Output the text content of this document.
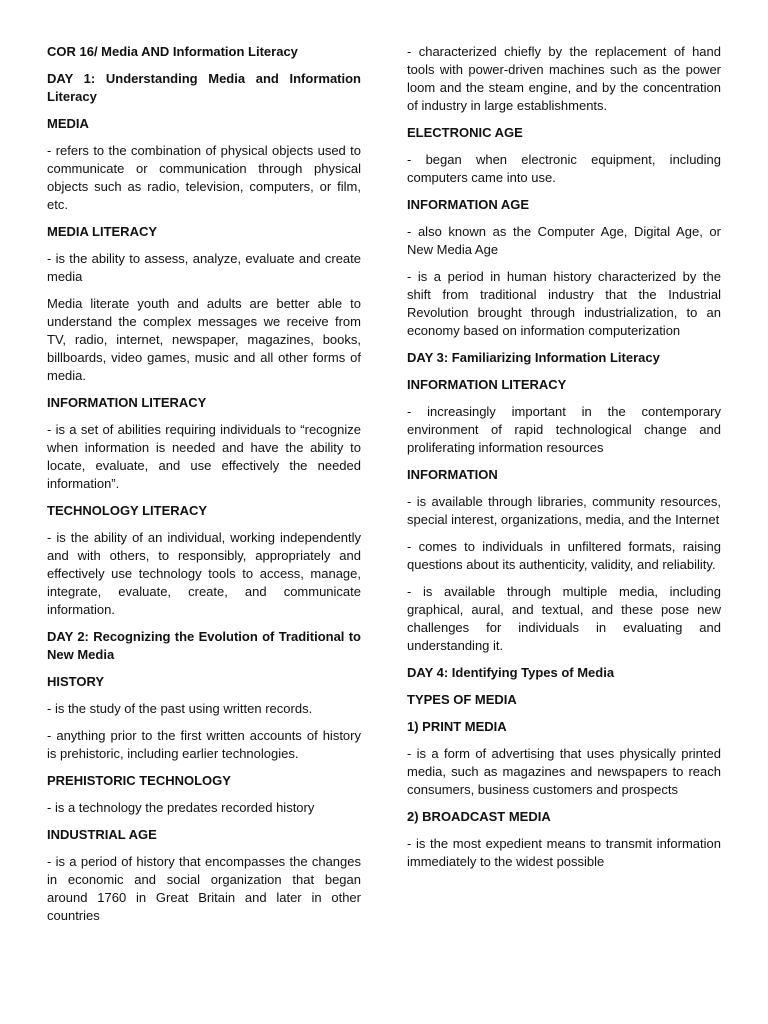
COR 16/ Media AND Information Literacy

DAY 1: Understanding Media and Information Literacy

MEDIA

- refers to the combination of physical objects used to communicate or communication through physical objects such as radio, television, computers, or film, etc.

MEDIA LITERACY

- is the ability to assess, analyze, evaluate and create media

Media literate youth and adults are better able to understand the complex messages we receive from TV, radio, internet, newspaper, magazines, books, billboards, video games, music and all other forms of media.

INFORMATION LITERACY

- is a set of abilities requiring individuals to “recognize when information is needed and have the ability to locate, evaluate, and use effectively the needed information”.

TECHNOLOGY LITERACY

- is the ability of an individual, working independently and with others, to responsibly, appropriately and effectively use technology tools to access, manage, integrate, evaluate, create, and communicate information.

DAY 2: Recognizing the Evolution of Traditional to New Media

HISTORY

- is the study of the past using written records.

- anything prior to the first written accounts of history is prehistoric, including earlier technologies.

PREHISTORIC TECHNOLOGY

- is a technology the predates recorded history

INDUSTRIAL AGE

- is a period of history that encompasses the changes in economic and social organization that began around 1760 in Great Britain and later in other countries

- characterized chiefly by the replacement of hand tools with power-driven machines such as the power loom and the steam engine, and by the concentration of industry in large establishments.

ELECTRONIC AGE

- began when electronic equipment, including computers came into use.

INFORMATION AGE

- also known as the Computer Age, Digital Age, or New Media Age

- is a period in human history characterized by the shift from traditional industry that the Industrial Revolution brought through industrialization, to an economy based on information computerization

DAY 3: Familiarizing Information Literacy

INFORMATION LITERACY

- increasingly important in the contemporary environment of rapid technological change and proliferating information resources

INFORMATION

- is available through libraries, community resources, special interest, organizations, media, and the Internet

- comes to individuals in unfiltered formats, raising questions about its authenticity, validity, and reliability.

- is available through multiple media, including graphical, aural, and textual, and these pose new challenges for individuals in evaluating and understanding it.

DAY 4: Identifying Types of Media

TYPES OF MEDIA

1) PRINT MEDIA

- is a form of advertising that uses physically printed media, such as magazines and newspapers to reach consumers, business customers and prospects

2) BROADCAST MEDIA

- is the most expedient means to transmit information immediately to the widest possible
